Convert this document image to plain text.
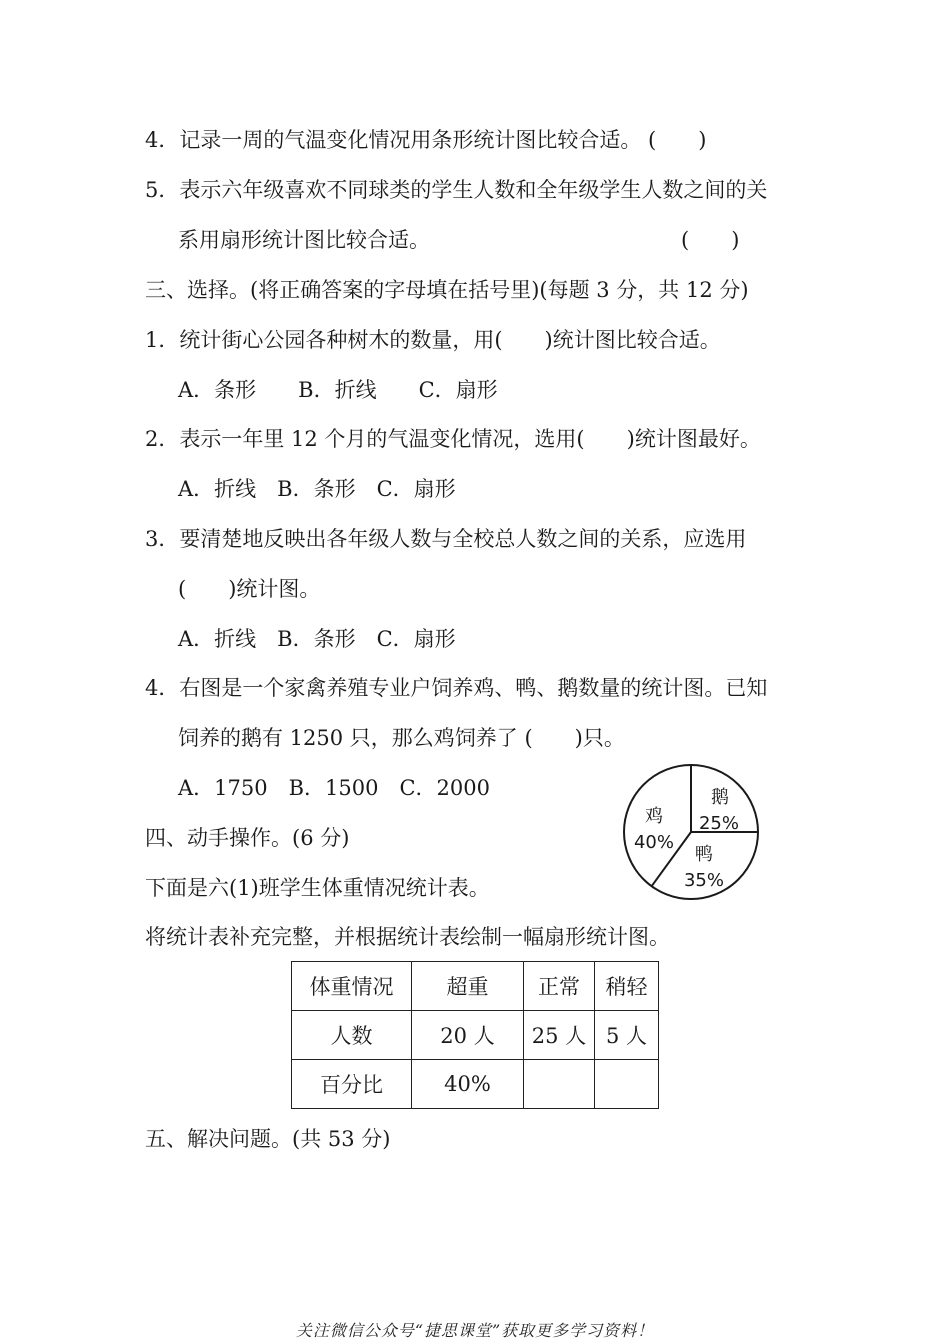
4．记录一周的气温变化情况用条形统计图比较合适。 (　　)
5．表示六年级喜欢不同球类的学生人数和全年级学生人数之间的关
系用扇形统计图比较合适。	(　　)
三、选择。(将正确答案的字母填在括号里)(每题 3 分，共 12 分)
1．统计街心公园各种树木的数量，用(　　)统计图比较合适。
A．条形　　B．折线　　C．扇形
2．表示一年里 12 个月的气温变化情况，选用(　　)统计图最好。
A．折线　B．条形　C．扇形
3．要清楚地反映出各年级人数与全校总人数之间的关系，应选用
(　　)统计图。
A．折线　B．条形　C．扇形
4．右图是一个家禽养殖专业户饲养鸡、鸭、鹅数量的统计图。已知
饲养的鹅有 1250 只，那么鸡饲养了 (　　)只。
A．1750　B．1500　C．2000	鹅
25%
鸭
35%
鸡
40%
四、动手操作。(6 分)
下面是六(1)班学生体重情况统计表。
将统计表补充完整，并根据统计表绘制一幅扇形统计图。
体重情况	超重	正常	稍轻
人数	20 人	25 人	5 人
百分比	40%		
五、解决问题。(共 53 分)
关注微信公众号“捷思课堂”获取更多学习资料！
